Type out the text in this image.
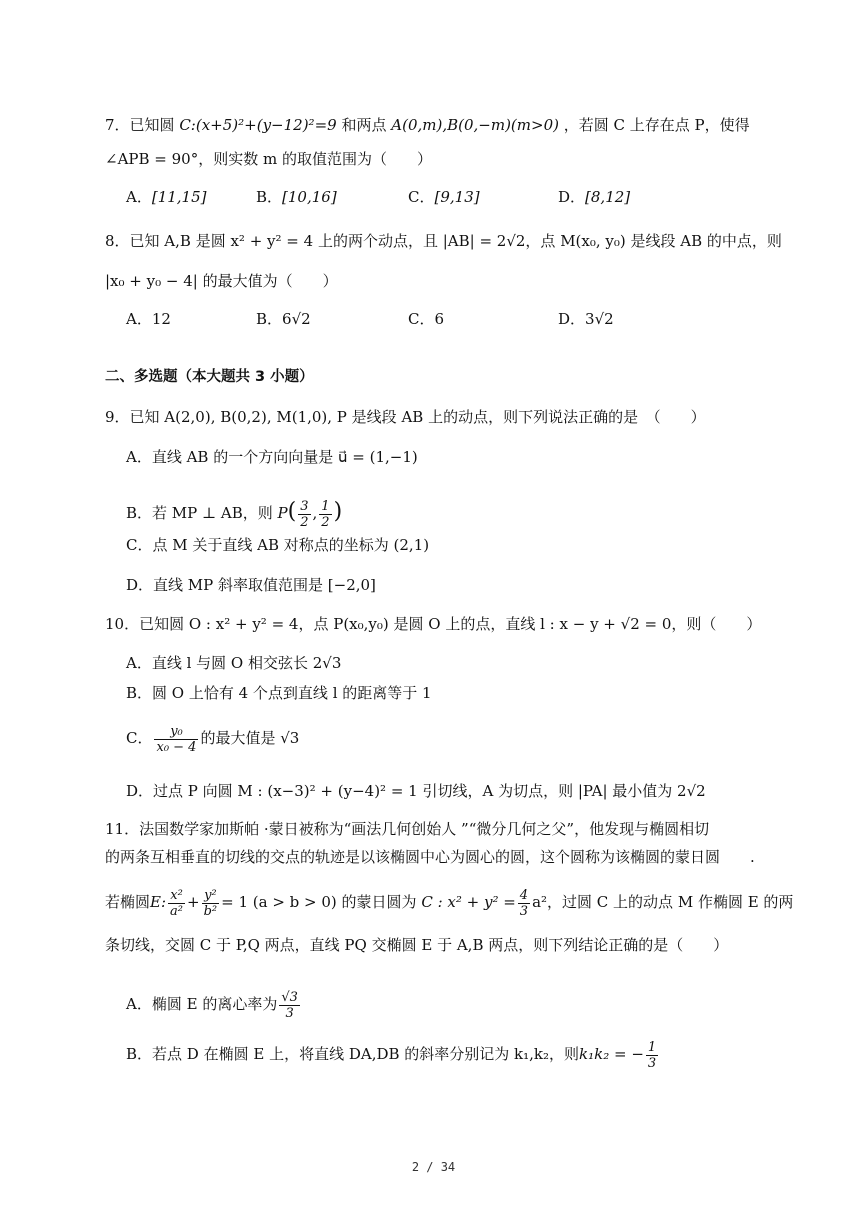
7．已知圆 C:(x+5)²+(y−12)²=9 和两点 A(0,m),B(0,−m)(m>0) ，若圆 C 上存在点 P，使得
∠APB = 90°，则实数 m 的取值范围为（　　）
A．[11,15]	B．[10,16]	C．[9,13]	D．[8,12]
8．已知 A,B 是圆 x² + y² = 4 上的两个动点，且 |AB| = 2√2，点 M(x₀, y₀) 是线段 AB 的中点，则
|x₀ + y₀ − 4| 的最大值为（　　）
A．12	B．6√2	C．6	D．3√2
二、多选题（本大题共 3 小题）
9．已知 A(2,0), B(0,2), M(1,0), P 是线段 AB 上的动点，则下列说法正确的是　（　　）
A．直线 AB 的一个方向向量是 u⃗ = (1,−1)
B．若 MP ⊥ AB，则 $P( \frac{3}{2}$ , $\frac{1}{2}$ )
C．点 M 关于直线 AB 对称点的坐标为 (2,1)
D．直线 MP 斜率取值范围是 [−2,0]
10．已知圆 O : x² + y² = 4，点 P(x₀,y₀) 是圆 O 上的点，直线 l : x − y + √2 = 0，则（　　）
A．直线 l 与圆 O 相交弦长 2√3
B．圆 O 上恰有 4 个点到直线 l 的距离等于 1
C． $\frac{\text{y₀}}{\text{x₀ − 4}}$ 的最大值是 √3
D．过点 P 向圆 M : (x−3)² + (y−4)² = 1 引切线，A 为切点，则 |PA| 最小值为 2√2
11．法国数学家加斯帕 ·蒙日被称为“画法几何创始人 ”“微分几何之父”，他发现与椭圆相切
的两条互相垂直的切线的交点的轨迹是以该椭圆中心为圆心的圆，这个圆称为该椭圆的蒙日圆　　.
若椭圆E: $\frac{\text{x²}}{\text{a²}} + \frac{\text{y²}}{\text{b²}} = 1$ (a > b > 0) 的蒙日圆为 C : $x^2 + y^2 = \frac{4}{3} a^2$，过圆 C 上的动点 M 作椭圆 E 的两
条切线，交圆 C 于 P,Q 两点，直线 PQ 交椭圆 E 于 A,B 两点，则下列结论正确的是（　　）
A．椭圆 E 的离心率为 $\frac{√3}{3}$
B．若点 D 在椭圆 E 上，将直线 DA,DB 的斜率分别记为 k₁,k₂，则k₁k₂ = − $\frac{1}{3}$
2 / 34
